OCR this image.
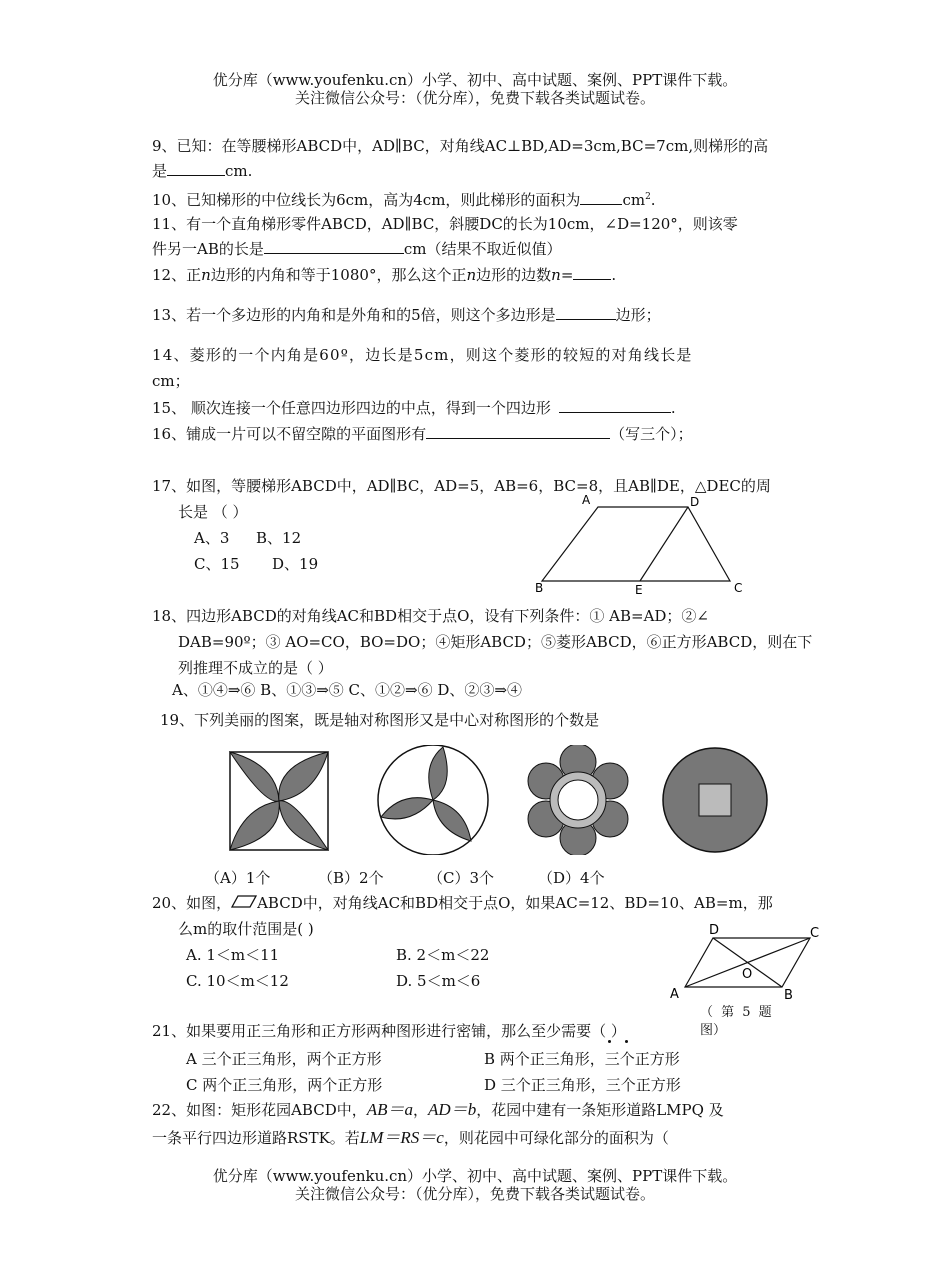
优分库（www.youfenku.cn）小学、初中、高中试题、案例、PPT课件下载。
关注微信公众号：（优分库），免费下载各类试题试卷。
9、已知：在等腰梯形ABCD中，AD∥BC，对角线AC⊥BD,AD=3cm,BC=7cm,则梯形的高
是	cm.
10、已知梯形的中位线长为6cm，高为4cm，则此梯形的面积为	$cm^2$.
11、有一个直角梯形零件ABCD，AD∥BC，斜腰DC的长为10cm，∠D=120°，则该零
件另一AB的长是	cm（结果不取近似值）
12、正n边形的内角和等于1080°，那么这个正n边形的边数n=	.
13、若一个多边形的内角和是外角和的5倍，则这个多边形是	边形；
14、菱形的一个内角是60º，边长是5cm，则这个菱形的较短的对角线长是
cm；
15、 顺次连接一个任意四边形四边的中点，得到一个四边形	.
16、铺成一片可以不留空隙的平面图形有	（写三个）；
17、如图，等腰梯形ABCD中，AD∥BC，AD=5，AB=6，BC=8，且AB∥DE，△DEC的周
长是 （ ）
A、3 B、12
C、15 D、19
A	D
B	E	C
18、四边形ABCD的对角线AC和BD相交于点O，设有下列条件：① AB=AD；②∠
DAB=90º；③ AO=CO，BO=DO；④矩形ABCD；⑤菱形ABCD，⑥正方形ABCD，则在下
列推理不成立的是（ ）
A、①④⇒⑥ B、①③⇒⑤ C、①②⇒⑥ D、②③⇒④
19、下列美丽的图案，既是轴对称图形又是中心对称图形的个数是
（A）1个	（B）2个	（C）3个	（D）4个
20、如图， ABCD中，对角线AC和BD相交于点O，如果AC=12、BD=10、AB=m，那
么m的取什范围是( )
A. 1＜m＜11	B. 2＜m＜22
C. 10＜m＜12	D. 5＜m＜6
D	C
A	B
O
（ 第 5 题
图）
21、如果要用正三角形和正方形两种图形进行密铺，那么至少需要（ ）
A 三个正三角形，两个正方形	B 两个正三角形，三个正方形
C 两个正三角形，两个正方形	D 三个正三角形，三个正方形
22、如图：矩形花园ABCD中，AB＝a，AD＝b，花园中建有一条矩形道路LMPQ 及
一条平行四边形道路RSTK。若LM＝RS＝c，则花园中可绿化部分的面积为（
优分库（www.youfenku.cn）小学、初中、高中试题、案例、PPT课件下载。
关注微信公众号：（优分库），免费下载各类试题试卷。
